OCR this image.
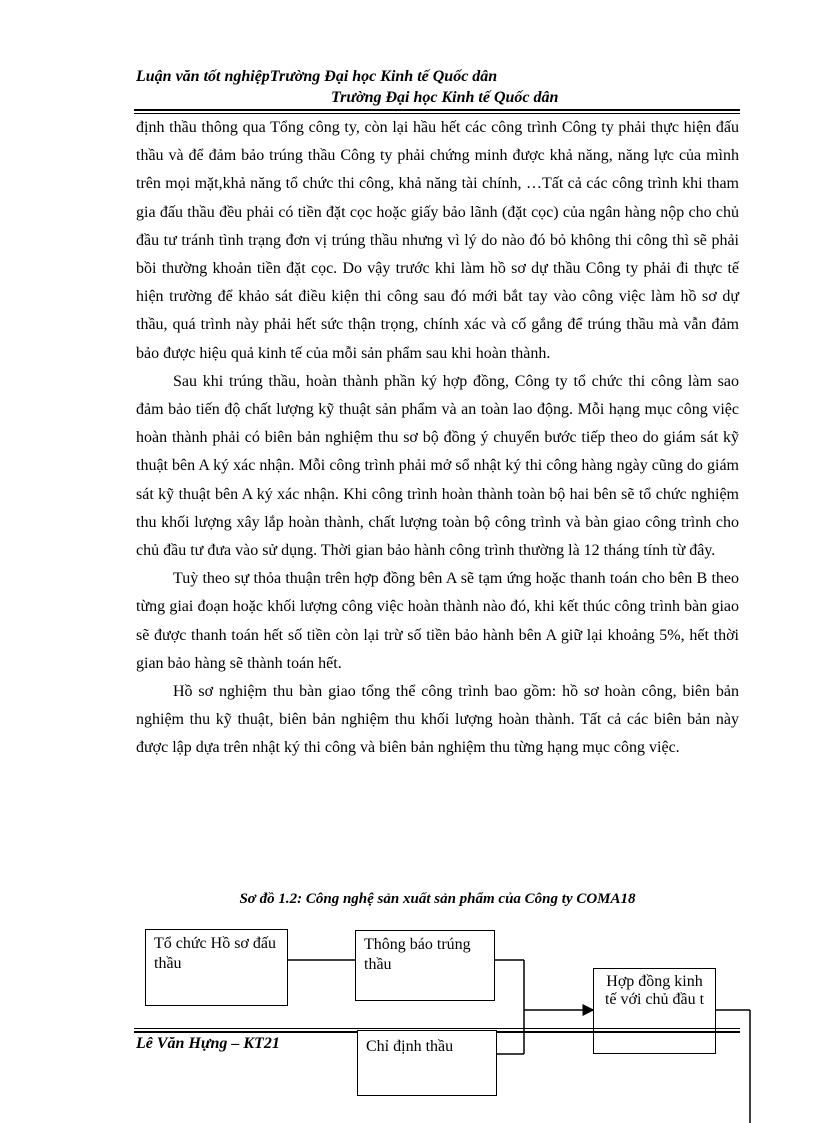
Luận văn tốt nghiệpTrường Đại học Kinh tế Quốc dân
Trường Đại học Kinh tế Quốc dân

định thầu thông qua Tổng công ty, còn lại hầu hết các công trình Công ty phải thực hiện đấu thầu và để đảm bảo trúng thầu Công ty phải chứng minh được khả năng, năng lực của mình trên mọi mặt,khả năng tổ chức thi công, khả năng tài chính, …Tất cả các công trình khi tham gia đấu thầu đều phải có tiền đặt cọc hoặc giấy bảo lãnh (đặt cọc) của ngân hàng nộp cho chủ đầu tư tránh tình trạng đơn vị trúng thầu nhưng vì lý do nào đó bỏ không thi công thì sẽ phải bồi thường khoản tiền đặt cọc. Do vậy trước khi làm hồ sơ dự thầu Công ty phải đi thực tế hiện trường để khảo sát điều kiện thi công sau đó mới bắt tay vào công việc làm hồ sơ dự thầu, quá trình này phải hết sức thận trọng, chính xác và cố gắng để trúng thầu mà vẫn đảm bảo được hiệu quả kinh tế của mỗi sản phẩm sau khi hoàn thành.

Sau khi trúng thầu, hoàn thành phần ký hợp đồng, Công ty tổ chức thi công làm sao đảm bảo tiến độ chất lượng kỹ thuật sản phẩm và an toàn lao động. Mỗi hạng mục công việc hoàn thành phải có biên bản nghiệm thu sơ bộ đồng ý chuyển bước tiếp theo do giám sát kỹ thuật bên A ký xác nhận. Mỗi công trình phải mở sổ nhật ký thi công hàng ngày cũng do giám sát kỹ thuật bên A ký xác nhận. Khi công trình hoàn thành toàn bộ hai bên sẽ tổ chức nghiệm thu khối lượng xây lắp hoàn thành, chất lượng toàn bộ công trình và bàn giao công trình cho chủ đầu tư đưa vào sử dụng. Thời gian bảo hành công trình thường là 12 tháng tính từ đây.

Tuỳ theo sự thỏa thuận trên hợp đồng bên A sẽ tạm ứng hoặc thanh toán cho bên B theo từng giai đoạn hoặc khối lượng công việc hoàn thành nào đó, khi kết thúc công trình bàn giao sẽ được thanh toán hết số tiền còn lại trừ số tiền bảo hành bên A giữ lại khoảng 5%, hết thời gian bảo hàng sẽ thành toán hết.

Hồ sơ nghiệm thu bàn giao tổng thể công trình bao gồm: hồ sơ hoàn công, biên bản nghiệm thu kỹ thuật, biên bản nghiệm thu khối lượng hoàn thành. Tất cả các biên bản này được lập dựa trên nhật ký thi công và biên bản nghiệm thu từng hạng mục công việc.

Sơ đồ 1.2: Công nghệ sản xuất sản phẩm của Công ty COMA18
Tổ chức Hồ sơ đấu thầu
Thông báo trúng thầu
Hợp đồng kinh tế với chủ đầu t
Lê Văn Hựng – KT21	Chỉ định thầu
